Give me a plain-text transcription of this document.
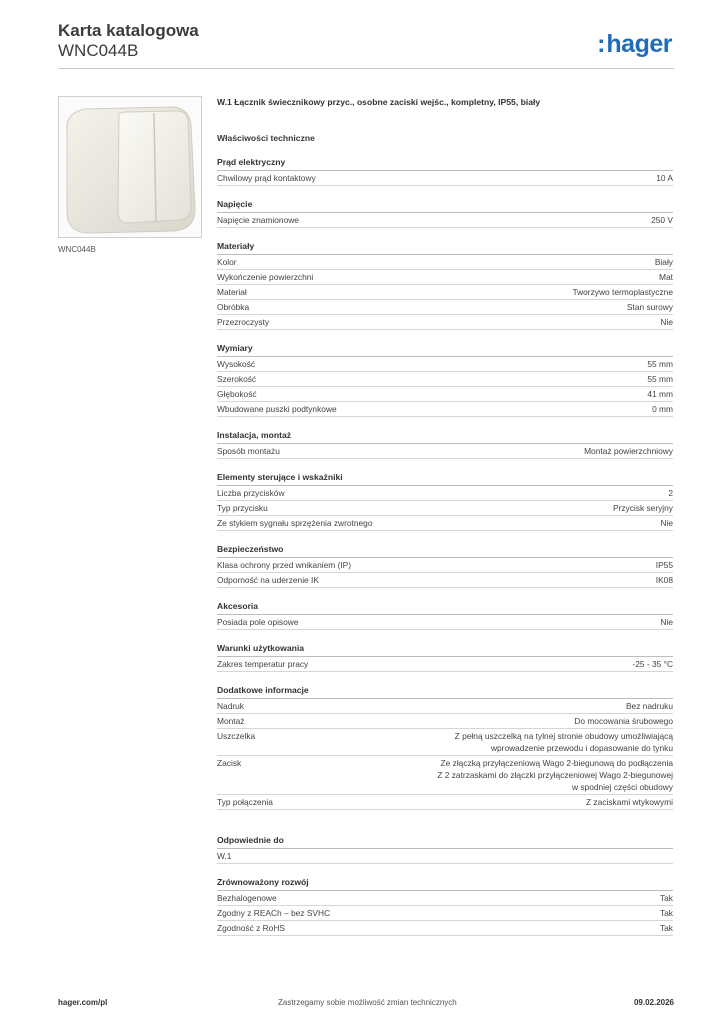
Karta katalogowa
WNC044B	:hager
WNC044B
W.1 Łącznik świecznikowy przyc., osobne zaciski wejśc., kompletny, IP55, biały
Właściwości techniczne
Prąd elektryczny
Chwilowy prąd kontaktowy	10 A
Napięcie
Napięcie znamionowe	250 V
Materiały
Kolor	Biały
Wykończenie powierzchni	Mat
Materiał	Tworzywo termoplastyczne
Obróbka	Stan surowy
Przezroczysty	Nie
Wymiary
Wysokość	55 mm
Szerokość	55 mm
Głębokość	41 mm
Wbudowane puszki podtynkowe	0 mm
Instalacja, montaż
Sposób montażu	Montaż powierzchniowy
Elementy sterujące i wskaźniki
Liczba przycisków	2
Typ przycisku	Przycisk seryjny
Ze stykiem sygnału sprzężenia zwrotnego	Nie
Bezpieczeństwo
Klasa ochrony przed wnikaniem (IP)	IP55
Odporność na uderzenie IK	IK08
Akcesoria
Posiada pole opisowe	Nie
Warunki użytkowania
Zakres temperatur pracy	-25 - 35 °C
Dodatkowe informacje
Nadruk	Bez nadruku
Montaż	Do mocowania śrubowego
Uszczelka	Z pełną uszczelką na tylnej stronie obudowy umożliwiającą
wprowadzenie przewodu i dopasowanie do tynku
Zacisk	Ze złączką przyłączeniową Wago 2-biegunową do podłączenia
Z 2 zatrzaskami do złączki przyłączeniowej Wago 2-biegunowej
w spodniej części obudowy
Typ połączenia	Z zaciskami wtykowymi
Odpowiednie do
W.1
Zrównoważony rozwój
Bezhalogenowe	Tak
Zgodny z REACh – bez SVHC	Tak
Zgodność z RoHS	Tak
hager.com/pl	Zastrzegamy sobie możliwość zmian technicznych	09.02.2026
